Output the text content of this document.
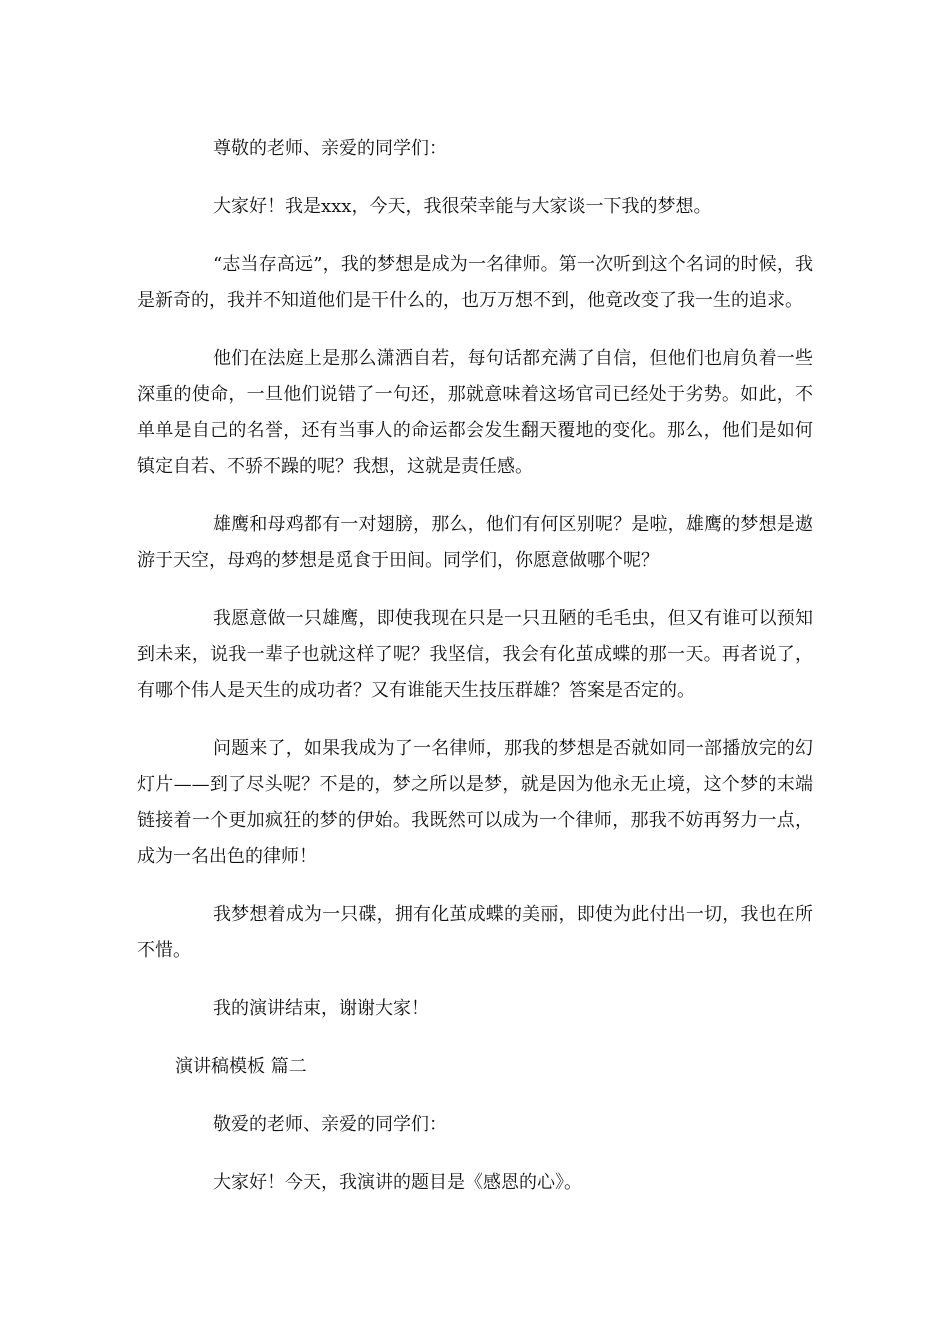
尊敬的老师、亲爱的同学们：

大家好！我是xxx，今天，我很荣幸能与大家谈一下我的梦想。

“志当存高远”，我的梦想是成为一名律师。第一次听到这个名词的时候，我是新奇的，我并不知道他们是干什么的，也万万想不到，他竟改变了我一生的追求。

他们在法庭上是那么潇洒自若，每句话都充满了自信，但他们也肩负着一些深重的使命，一旦他们说错了一句还，那就意味着这场官司已经处于劣势。如此，不单单是自己的名誉，还有当事人的命运都会发生翻天覆地的变化。那么，他们是如何镇定自若、不骄不躁的呢？我想，这就是责任感。

雄鹰和母鸡都有一对翅膀，那么，他们有何区别呢？是啦，雄鹰的梦想是遨游于天空，母鸡的梦想是觅食于田间。同学们，你愿意做哪个呢？

我愿意做一只雄鹰，即使我现在只是一只丑陋的毛毛虫，但又有谁可以预知到未来，说我一辈子也就这样了呢？我坚信，我会有化茧成蝶的那一天。再者说了，有哪个伟人是天生的成功者？又有谁能天生技压群雄？答案是否定的。

问题来了，如果我成为了一名律师，那我的梦想是否就如同一部播放完的幻灯片——到了尽头呢？不是的，梦之所以是梦，就是因为他永无止境，这个梦的末端链接着一个更加疯狂的梦的伊始。我既然可以成为一个律师，那我不妨再努力一点，成为一名出色的律师！

我梦想着成为一只碟，拥有化茧成蝶的美丽，即使为此付出一切，我也在所不惜。

我的演讲结束，谢谢大家！

演讲稿模板 篇二

敬爱的老师、亲爱的同学们：

大家好！今天，我演讲的题目是《感恩的心》。
